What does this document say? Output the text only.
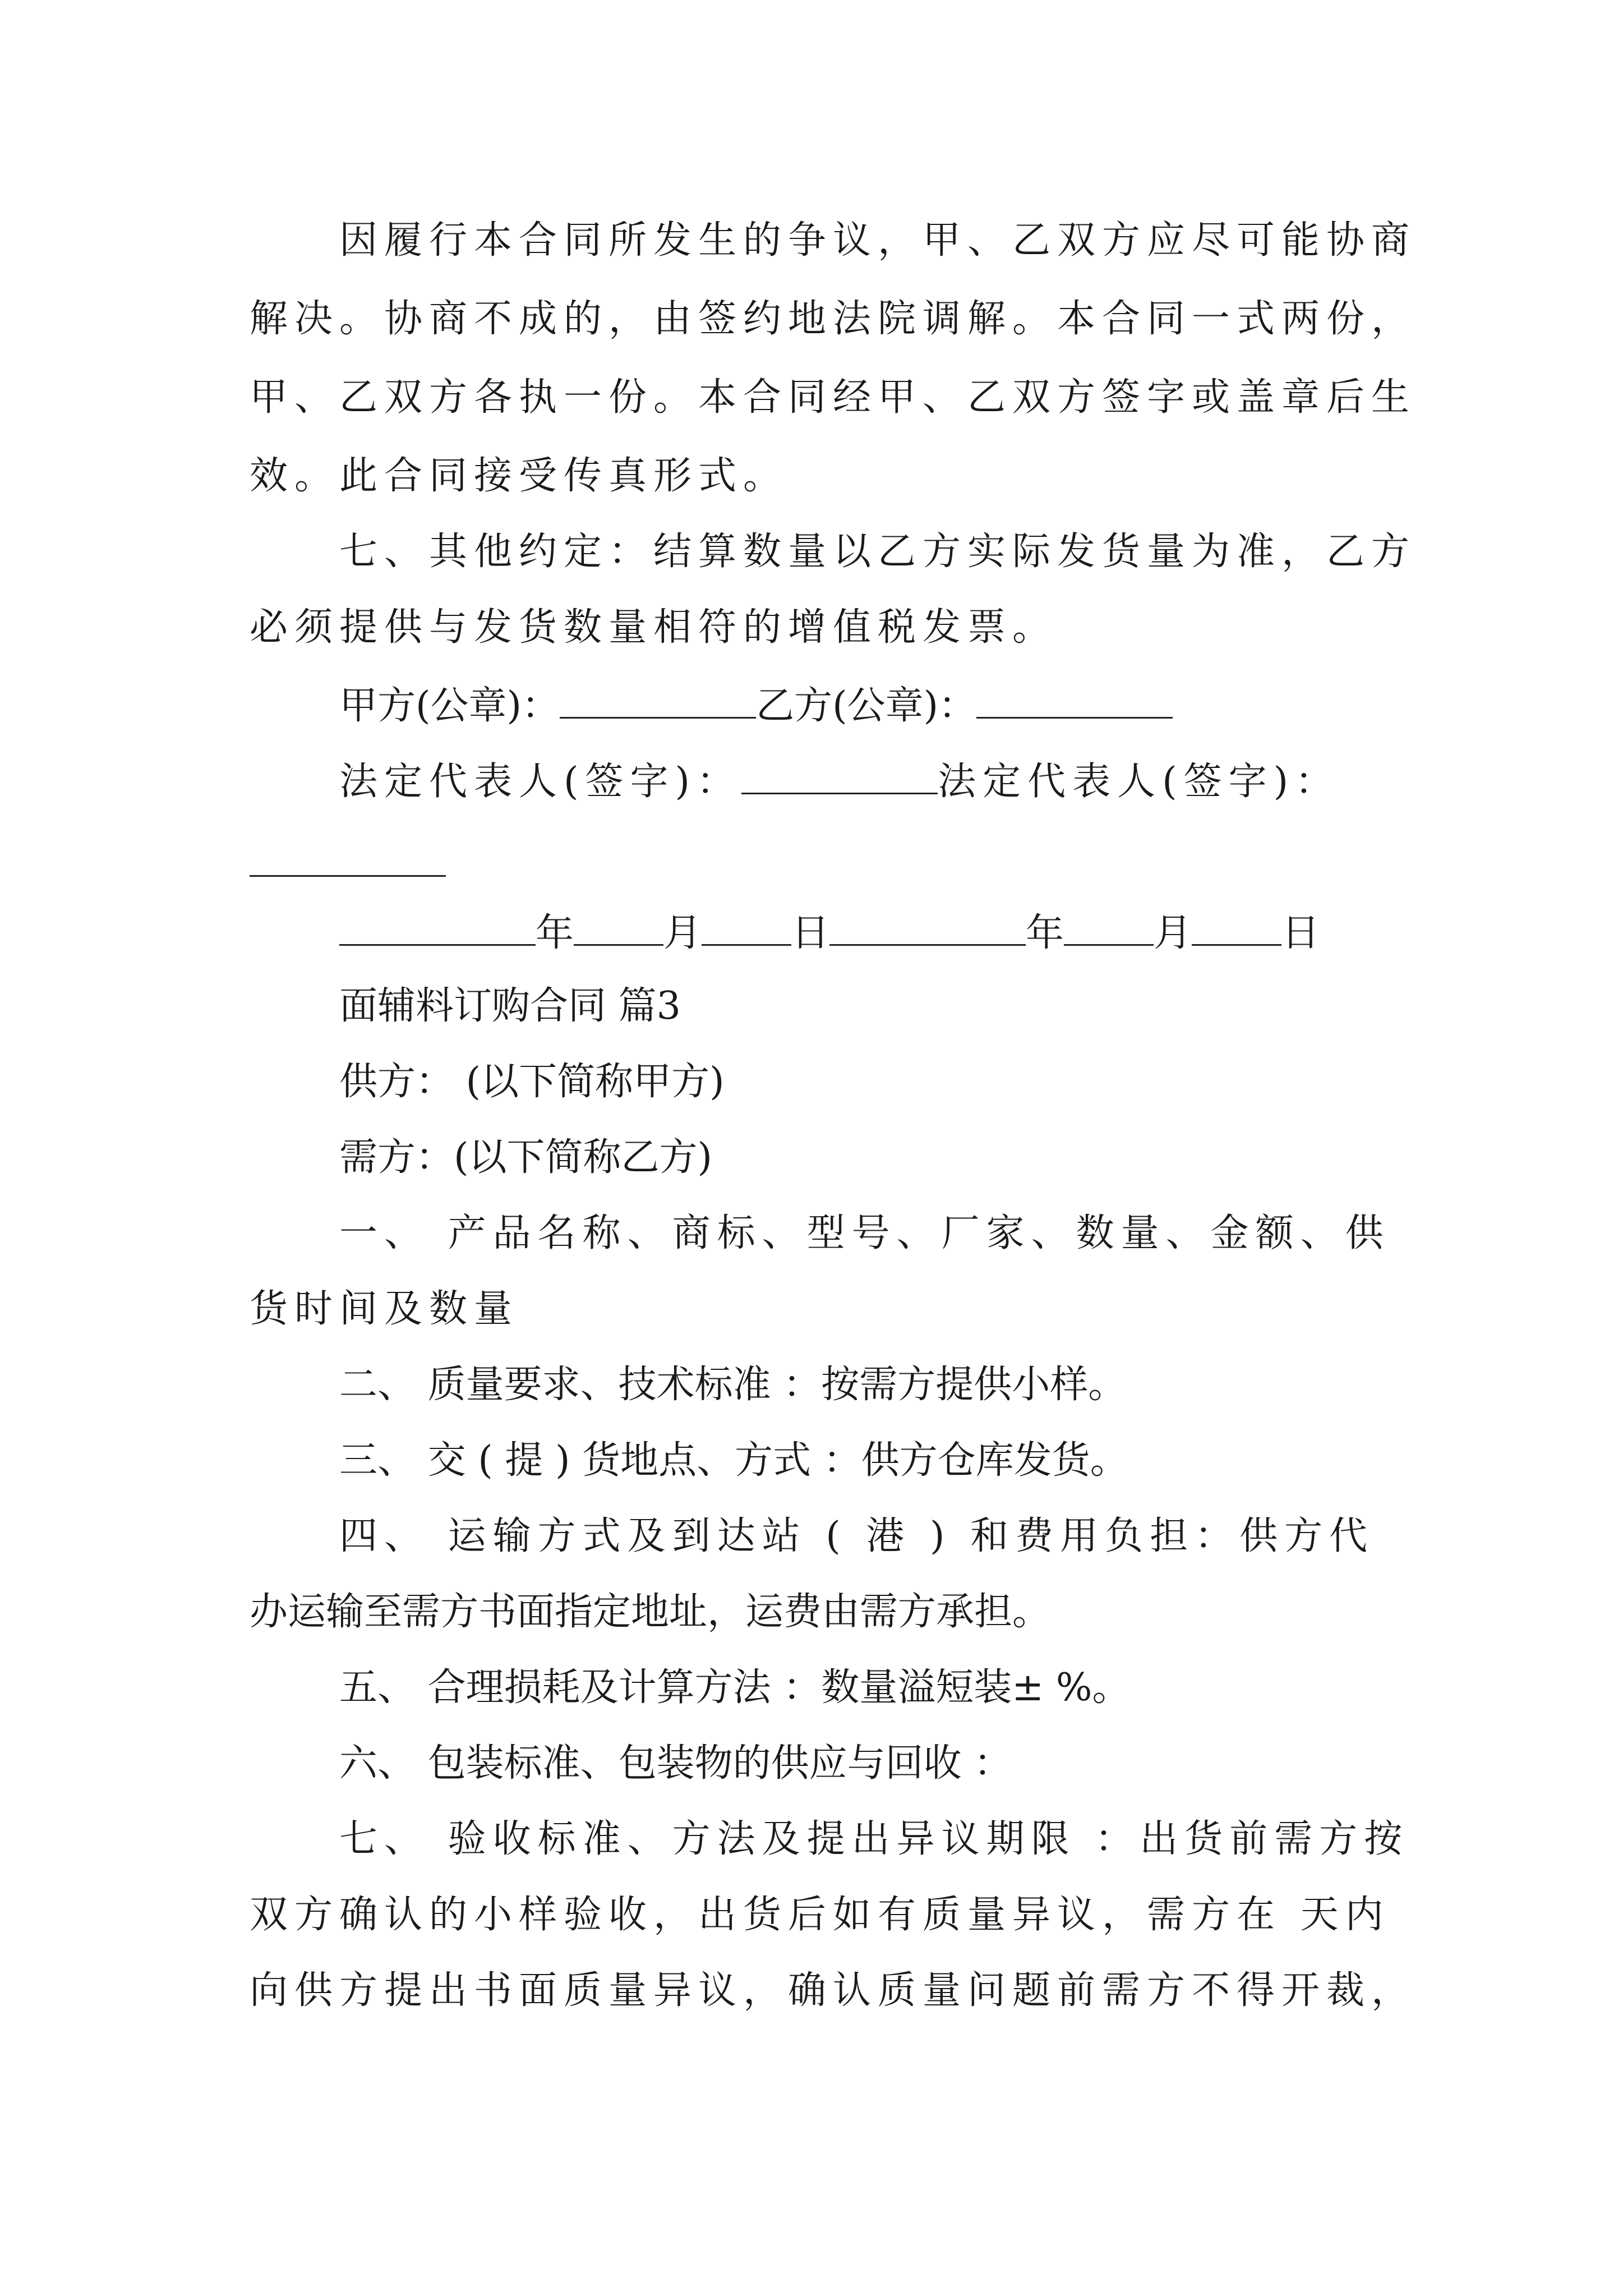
因履行本合同所发生的争议，甲、乙双方应尽可能协商
解决。协商不成的，由签约地法院调解。本合同一式两份，
甲、乙双方各执一份。本合同经甲、乙双方签字或盖章后生
效。此合同接受传真形式。
七、其他约定：结算数量以乙方实际发货量为准，乙方
必须提供与发货数量相符的增值税发票。
甲方(公章)：	乙方(公章)：
法定代表人(签字)：	法定代表人(签字)：
年 月 日	年 月 日
面辅料订购合同 篇3
供方： (以下简称甲方)
需方：(以下简称乙方)
一、 产品名称、商标、型号、厂家、数量、金额、供
货时间及数量
二、 质量要求、技术标准 ：按需方提供小样。
三、 交 ( 提 ) 货地点、方式 ：供方仓库发货。
四、 运输方式及到达站 ( 港 ) 和费用负担：供方代
办运输至需方书面指定地址，运费由需方承担。
五、 合理损耗及计算方法 ：数量溢短装± %。
六、 包装标准、包装物的供应与回收 ：
七、 验收标准、方法及提出异议期限 ：出货前需方按
双方确认的小样验收，出货后如有质量异议，需方在 天内
向供方提出书面质量异议，确认质量问题前需方不得开裁，
